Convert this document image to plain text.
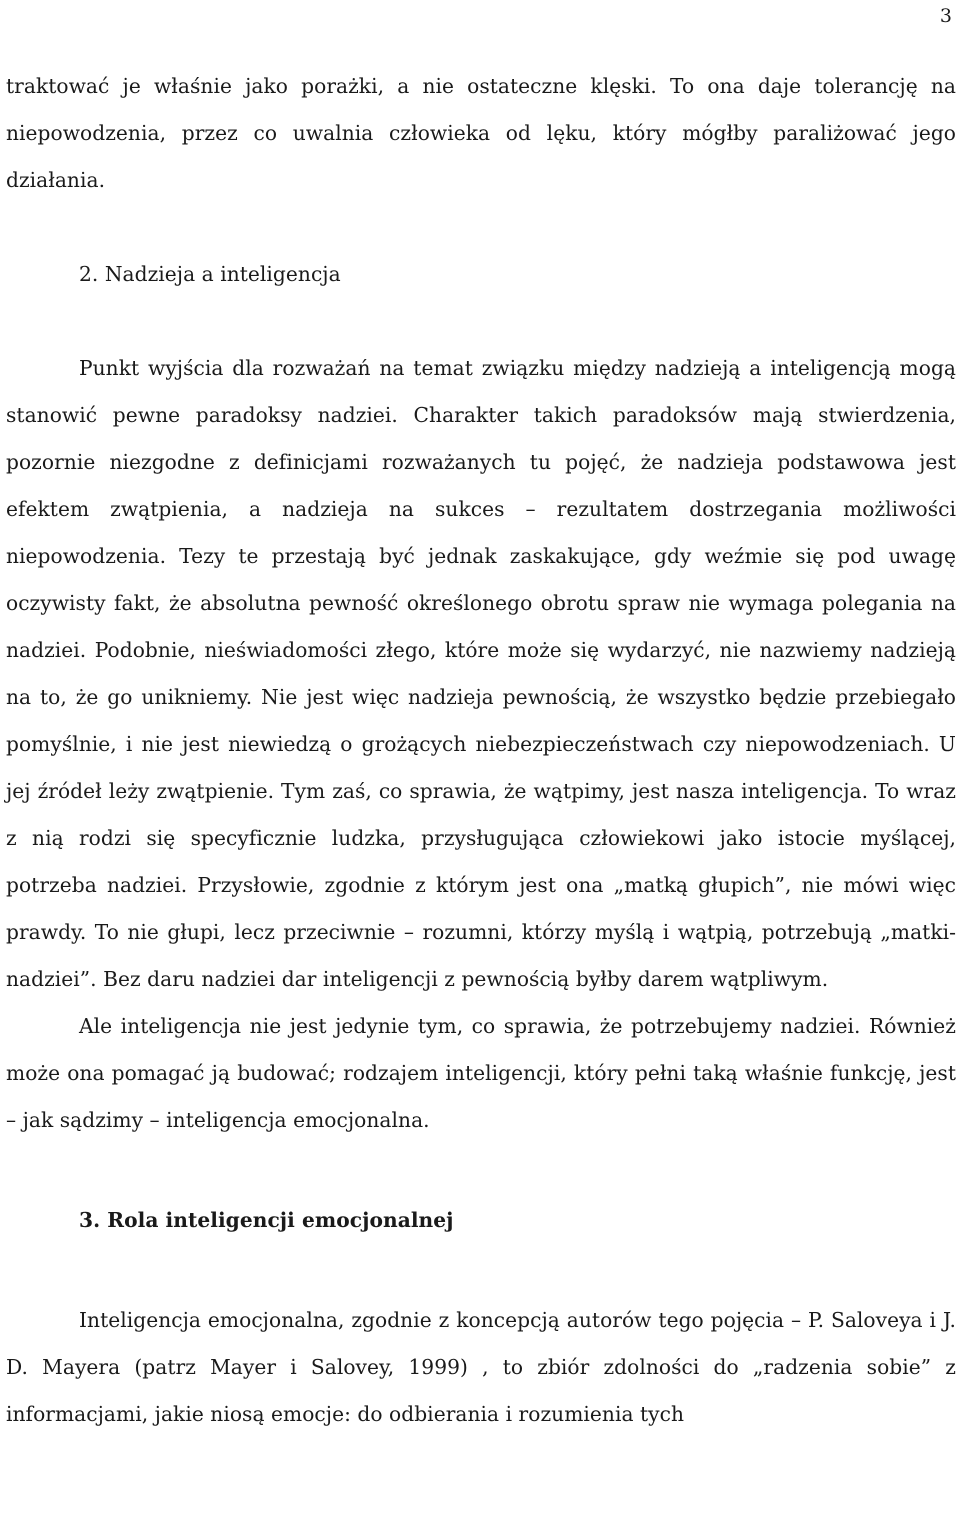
3

traktować je właśnie jako porażki, a nie ostateczne klęski. To ona daje tolerancję na niepowodzenia, przez co uwalnia człowieka od lęku, który mógłby paraliżować jego działania.

2. Nadzieja a inteligencja

Punkt wyjścia dla rozważań na temat związku między nadzieją a inteligencją mogą stanowić pewne paradoksy nadziei. Charakter takich paradoksów mają stwierdzenia, pozornie niezgodne z definicjami rozważanych tu pojęć, że nadzieja podstawowa jest efektem zwątpienia, a nadzieja na sukces – rezultatem dostrzegania możliwości niepowodzenia. Tezy te przestają być jednak zaskakujące, gdy weźmie się pod uwagę oczywisty fakt, że absolutna pewność określonego obrotu spraw nie wymaga polegania na nadziei. Podobnie, nieświadomości złego, które może się wydarzyć, nie nazwiemy nadzieją na to, że go unikniemy. Nie jest więc nadzieja pewnością, że wszystko będzie przebiegało pomyślnie, i nie jest niewiedzą o grożących niebezpieczeństwach czy niepowodzeniach. U jej źródeł leży zwątpienie. Tym zaś, co sprawia, że wątpimy, jest nasza inteligencja. To wraz z nią rodzi się specyficznie ludzka, przysługująca człowiekowi jako istocie myślącej, potrzeba nadziei. Przysłowie, zgodnie z którym jest ona „matką głupich”, nie mówi więc prawdy. To nie głupi, lecz przeciwnie – rozumni, którzy myślą i wątpią, potrzebują „matki-nadziei”. Bez daru nadziei dar inteligencji z pewnością byłby darem wątpliwym.

Ale inteligencja nie jest jedynie tym, co sprawia, że potrzebujemy nadziei. Również może ona pomagać ją budować; rodzajem inteligencji, który pełni taką właśnie funkcję, jest – jak sądzimy – inteligencja emocjonalna.

3. Rola inteligencji emocjonalnej

Inteligencja emocjonalna, zgodnie z koncepcją autorów tego pojęcia – P. Saloveya i J. D. Mayera (patrz Mayer i Salovey, 1999) , to zbiór zdolności do „radzenia sobie” z informacjami, jakie niosą emocje: do odbierania i rozumienia tych
